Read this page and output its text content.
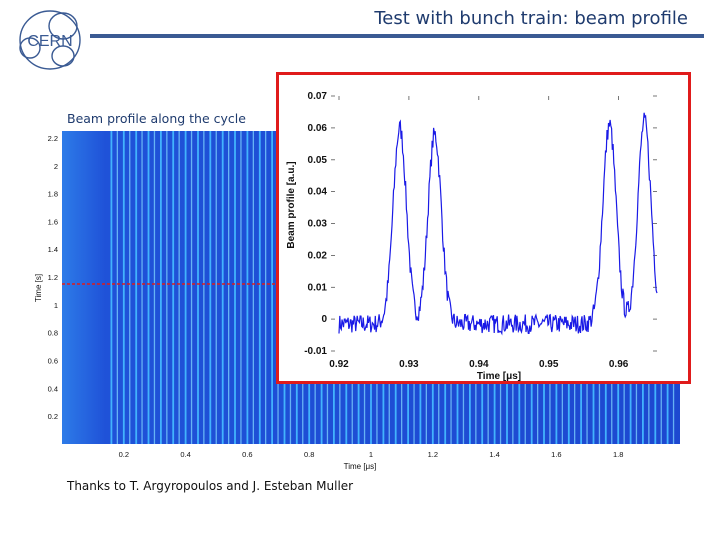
CERN
Test with bunch train: beam profile
Beam profile along the cycle
0.2
0.4
0.6
0.8
1
1.2
1.4
1.6
1.8
2
2.2
0.2	0.4	0.6	0.8	1	1.2	1.4	1.6	1.8
Time [μs]
Time [s]
-0.01
0
0.01
0.02
0.03
0.04
0.05
0.06
0.07
0.92	0.93	0.94	0.95	0.96
Time [μs]
Beam profile [a.u.]
Thanks to T. Argyropoulos and J. Esteban Muller
